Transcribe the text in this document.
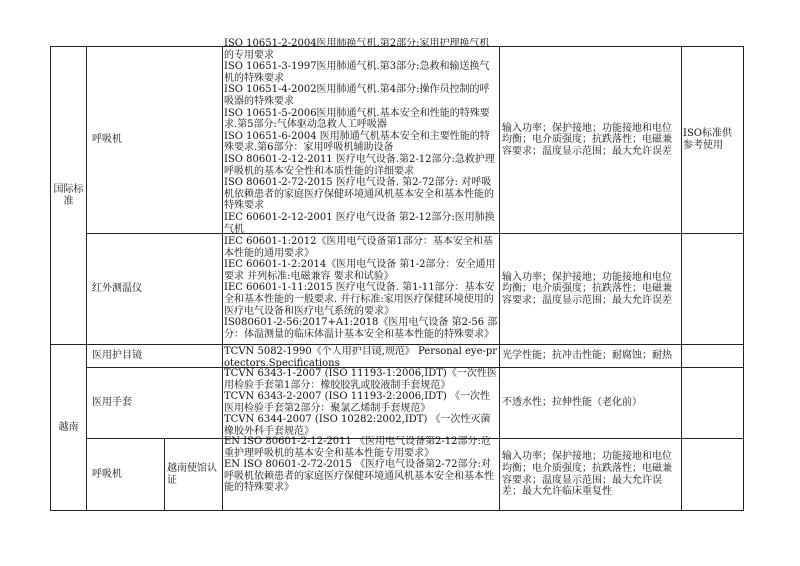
国际标准
呼吸机
ISO 10651-2-2004医用肺换气机.第2部分:家用护理换气机的专用要求
ISO 10651-3-1997医用肺通气机.第3部分:急救和输送换气机的特殊要求
ISO 10651-4-2002医用肺通气机.第4部分:操作员控制的呼吸器的特殊要求
ISO 10651-5-2006医用肺通气机.基本安全和性能的特殊要求.第5部分:气体驱动急救人工呼吸器
ISO 10651-6-2004 医用肺通气机基本安全和主要性能的特殊要求.第6部分：家用呼吸机辅助设备
ISO 80601-2-12-2011 医疗电气设备.第2-12部分:急救护理呼吸机的基本安全性和本质性能的详细要求
ISO 80601-2-72-2015 医疗电气设备. 第2-72部分: 对呼吸机依赖患者的家庭医疗保健环境通风机基本安全和基本性能的特殊要求
IEC 60601-2-12-2001 医疗电气设备 第2-12部分:医用肺换气机
输入功率；保护接地；功能接地和电位均衡；电介质强度；抗跌落性；电磁兼容要求；温度显示范围；最大允许误差
ISO标准供参考使用
红外测温仪
IEC 60601-1:2012《医用电气设备第1部分：基本安全和基本性能的通用要求》
IEC 60601-1-2:2014《医用电气设备 第1-2部分：安全通用要求 并列标准:电磁兼容 要求和试验》
IEC 60601-1-11:2015 医疗电气设备. 第1-11部分：基本安全和基本性能的一般要求. 并行标准:家用医疗保健环境使用的医疗电气设备和医疗电气系统的要求》
IS080601-2-56:2017+A1:2018《医用电气设备 第2-56 部分：体温测量的临床体温计基本安全和基本性能的特殊要求》
输入功率；保护接地；功能接地和电位均衡；电介质强度；抗跌落性；电磁兼容要求；温度显示范围；最大允许误差
越南
医用护目镜	TCVN 5082-1990《个人用护目镜,规范》 Personal eye-protectors.Specifications
光学性能；抗冲击性能；耐腐蚀；耐热
医用手套
TCVN 6343-1-2007 (ISO 11193-1:2006,IDT)《一次性医用检验手套第1部分：橡胶胶乳或胶液制手套规范》
TCVN 6343-2-2007 (ISO 11193-2:2006,IDT) 《一次性医用检验手套第2部分：聚氯乙烯制手套规范》
TCVN 6344-2007 (ISO 10282:2002,IDT) 《一次性灭菌橡胶外科手套规范》
不透水性；拉伸性能（老化前）
呼吸机
越南使馆认证
EN ISO 80601-2-12-2011 《医用电气设备第2-12部分:危重护理呼吸机的基本安全和基本性能专用要求》
EN ISO 80601-2-72-2015 《医疗电气设备第2-72部分:对呼吸机依赖患者的家庭医疗保健环境通风机基本安全和基本性能的特殊要求》
输入功率；保护接地；功能接地和电位均衡；电介质强度；抗跌落性；电磁兼容要求；温度显示范围；最大允许误差；最大允许临床重复性
